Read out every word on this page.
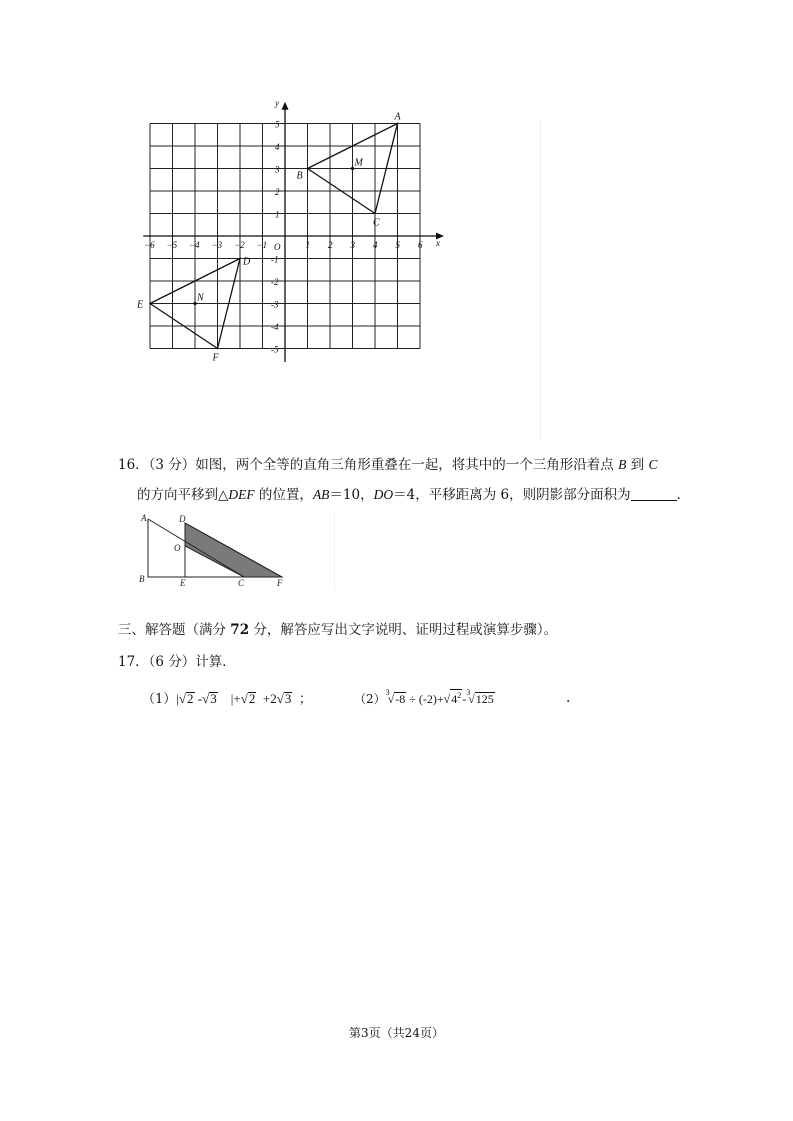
−6 −5 −4 −3 −2 −1	1 2 3 4 5 6
5
4
3
2
1
-1
-2
-3
-4
-5
x
y
O
A
B
C
M
D
E
F
N
16．（3 分）如图，两个全等的直角三角形重叠在一起，将其中的一个三角形沿着点 B 到 C
的方向平移到△DEF 的位置，AB＝10，DO＝4，平移距离为 6，则阴影部分面积为	．
A
B
D
O
E	C	F
三、解答题（满分 72 分，解答应写出文字说明、证明过程或演算步骤）。
17．（6 分）计算．
（1）|√2 -√3    |+√2 +2√3 ；	$(2)^3√-8 \div (-2)+√4^2-^3√125$	.
第3页（共24页）
